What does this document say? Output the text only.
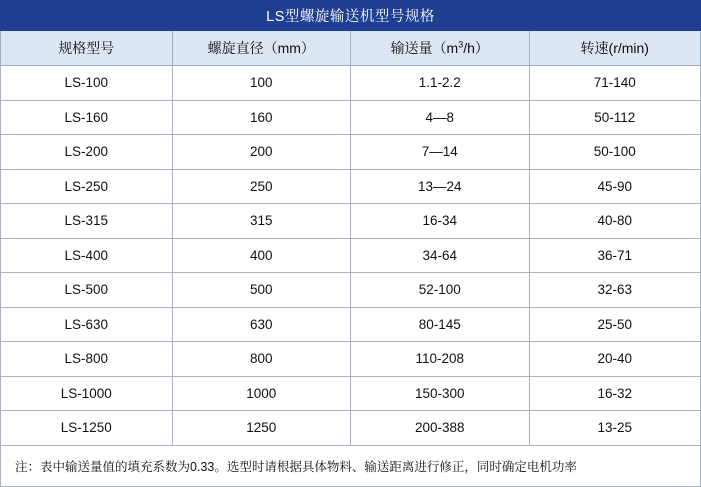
LS型螺旋输送机型号规格			
规格型号	螺旋直径（mm）	输送量$(m^3/h)$	转速(r/min)
LS-100	100	1.1-2.2	71-140
LS-160	160	4—8	50-112
LS-200	200	7—14	50-100
LS-250	250	13—24	45-90
LS-315	315	16-34	40-80
LS-400	400	34-64	36-71
LS-500	500	52-100	32-63
LS-630	630	80-145	25-50
LS-800	800	110-208	20-40
LS-1000	1000	150-300	16-32
LS-1250	1250	200-388	13-25
注：表中输送量值的填充系数为0.33。选型时请根据具体物料、输送距离进行修正，同时确定电机功率			
